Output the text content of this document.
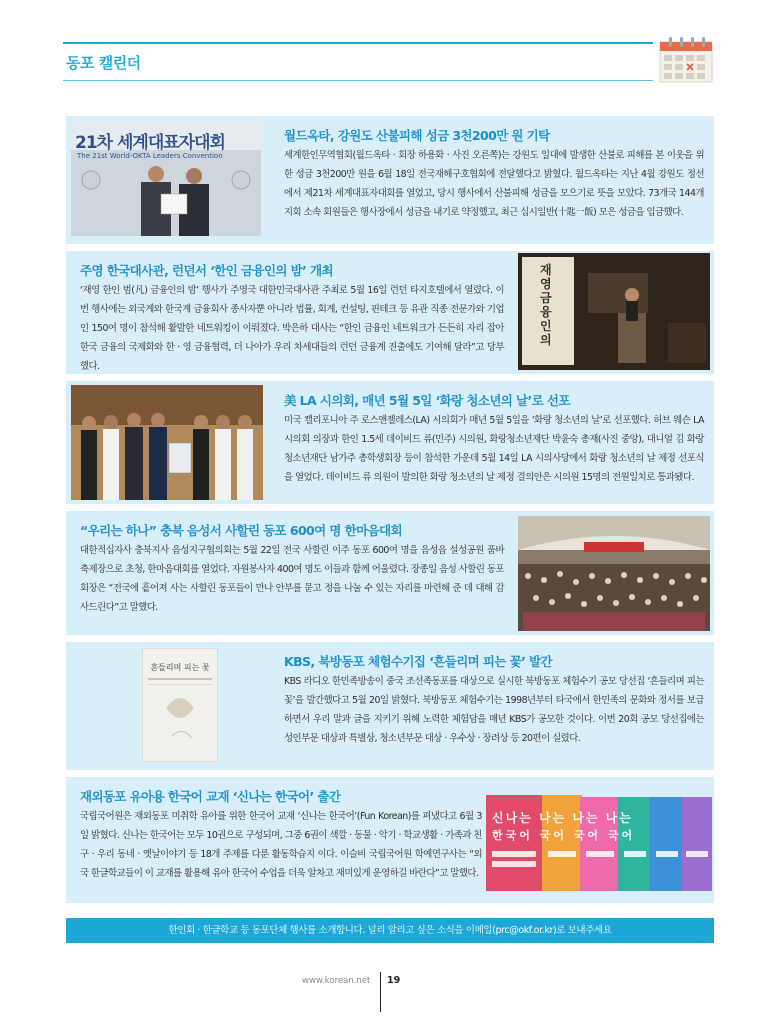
동포 캘린더
21차 세계대표자대회
The 21st World-OKTA Leaders Convention
월드옥타, 강원도 산불피해 성금 3천200만 원 기탁
세계한인무역협회(월드옥타 · 회장 하용화 · 사진 오른쪽)는 강원도 일대에 발생한 산불로 피해를 본 이웃을 위한 성금 3천200만 원을 6월 18일 전국재해구호협회에 전달했다고 밝혔다. 월드옥타는 지난 4월 강원도 정선에서 제21차 세계대표자대회를 열었고, 당시 행사에서 산불피해 성금을 모으기로 뜻을 모았다. 73개국 144개 지회 소속 회원들은 행사장에서 성금을 내기로 약정했고, 최근 십시일반(十匙一飯) 모은 성금을 입금했다.
주영 한국대사관, 런던서 ‘한인 금융인의 밤’ 개최
‘재영 한인 범(凡) 금융인의 밤’ 행사가 주영국 대한민국대사관 주최로 5월 16일 런던 타지호텔에서 열렸다. 이번 행사에는 외국계와 한국계 금융회사 종사자뿐 아니라 법률, 회계, 컨설팅, 핀테크 등 유관 직종 전문가와 기업인 150여 명이 참석해 활발한 네트워킹이 이뤄졌다. 박은하 대사는 “한인 금융인 네트워크가 든든히 자리 잡아 한국 금융의 국제화와 한 · 영 금융협력, 더 나아가 우리 차세대들의 런던 금융계 진출에도 기여해 달라”고 당부했다.
재영 금융인의
美 LA 시의회, 매년 5월 5일 ‘화랑 청소년의 날’로 선포
미국 캘리포니아 주 로스앤젤레스(LA) 시의회가 매년 5월 5일을 ‘화랑 청소년의 날’로 선포했다. 허브 웨슨 LA시의회 의장과 한인 1.5세 데이비드 류(민주) 시의원, 화랑청소년재단 박윤숙 총재(사진 중앙), 대니얼 김 화랑청소년재단 남가주 총학생회장 등이 참석한 가운데 5월 14일 LA 시의사당에서 화랑 청소년의 날 제정 선포식을 열었다. 데이비드 류 의원이 발의한 화랑 청소년의 날 제정 결의안은 시의원 15명의 전원일치로 통과됐다.
“우리는 하나” 충북 음성서 사할린 동포 600여 명 한마음대회
대한적십자사 충북지사 음성지구협의회는 5월 22일 전국 사할린 이주 동포 600여 명을 음성읍 설성공원 품바 축제장으로 초청, 한마음대회를 열었다. 자원봉사자 400여 명도 이들과 함께 어울렸다. 장종일 음성 사할린 동포 회장은 “전국에 흩어져 사는 사할린 동포들이 만나 안부를 묻고 정을 나눌 수 있는 자리를 마련해 준 데 대해 감사드린다”고 말했다.
흔들리며 피는 꽃	KBS, 북방동포 체험수기집 ‘흔들리며 피는 꽃’ 발간
KBS 라디오 한민족방송이 중국 조선족동포를 대상으로 실시한 북방동포 체험수기 공모 당선집 ‘흔들리며 피는 꽃’을 발간했다고 5월 20일 밝혔다. 북방동포 체험수기는 1998년부터 타국에서 한민족의 문화와 정서를 보급하면서 우리 말과 글을 지키기 위해 노력한 체험담을 매년 KBS가 공모한 것이다. 이번 20회 공모 당선집에는 성인부문 대상과 특별상, 청소년부문 대상 · 우수상 · 장려상 등 20편이 실렸다.
재외동포 유아용 한국어 교재 ‘신나는 한국어’ 출간
국립국어원은 재외동포 미취학 유아를 위한 한국어 교재 ‘신나는 한국어’(Fun Korean)를 펴냈다고 6월 3일 밝혔다. 신나는 한국어는 모두 10권으로 구성되며, 그중 6권이 색깔 · 동물 · 악기 · 학교생활 · 가족과 친구 · 우리 동네 · 옛날이야기 등 18개 주제를 다룬 활동학습지 이다. 이슬비 국립국어원 학예연구사는 “외국 한글학교들이 이 교재를 활용해 유아 한국어 수업을 더욱 알차고 재미있게 운영하길 바란다”고 말했다.
신나는 나는 나는 나는
한국어 국어 국어 국어
한인회 · 한글학교 등 동포단체 행사를 소개합니다. 널리 알리고 싶은 소식을 이메일(prc@okf.or.kr)로 보내주세요
www.korean.net 19
